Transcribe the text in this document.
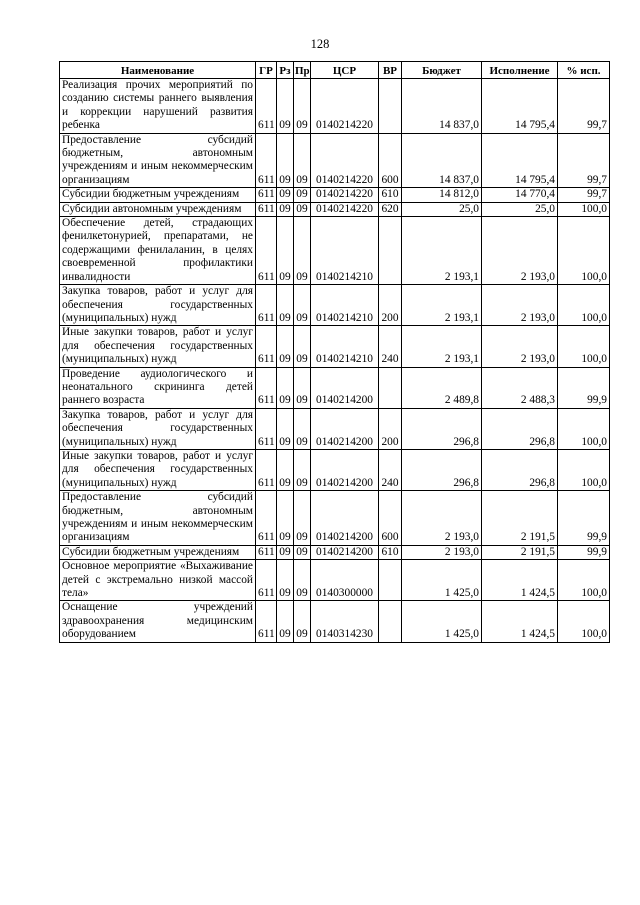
128
Наименование	ГР	Рз	Пр	ЦСР	ВР	Бюджет	Исполнение	% исп.
Реализация прочих мероприятий по созданию системы раннего выявления и коррекции нарушений развития ребенка	611	09	09	0140214220		14 837,0	14 795,4	99,7
Предоставление субсидий бюджетным, автономным учреждениям и иным некоммерческим организациям	611	09	09	0140214220	600	14 837,0	14 795,4	99,7
Субсидии бюджетным учреждениям	611	09	09	0140214220	610	14 812,0	14 770,4	99,7
Субсидии автономным учреждениям	611	09	09	0140214220	620	25,0	25,0	100,0
Обеспечение детей, страдающих фенилкетонурией, препаратами, не содержащими фенилаланин, в целях своевременной профилактики инвалидности	611	09	09	0140214210		2 193,1	2 193,0	100,0
Закупка товаров, работ и услуг для обеспечения государственных (муниципальных) нужд	611	09	09	0140214210	200	2 193,1	2 193,0	100,0
Иные закупки товаров, работ и услуг для обеспечения государственных (муниципальных) нужд	611	09	09	0140214210	240	2 193,1	2 193,0	100,0
Проведение аудиологического и неонатального скрининга детей раннего возраста	611	09	09	0140214200		2 489,8	2 488,3	99,9
Закупка товаров, работ и услуг для обеспечения государственных (муниципальных) нужд	611	09	09	0140214200	200	296,8	296,8	100,0
Иные закупки товаров, работ и услуг для обеспечения государственных (муниципальных) нужд	611	09	09	0140214200	240	296,8	296,8	100,0
Предоставление субсидий бюджетным, автономным учреждениям и иным некоммерческим организациям	611	09	09	0140214200	600	2 193,0	2 191,5	99,9
Субсидии бюджетным учреждениям	611	09	09	0140214200	610	2 193,0	2 191,5	99,9
Основное мероприятие «Выхаживание детей с экстремально низкой массой тела»	611	09	09	0140300000		1 425,0	1 424,5	100,0
Оснащение учреждений здравоохранения медицинским оборудованием	611	09	09	0140314230		1 425,0	1 424,5	100,0
